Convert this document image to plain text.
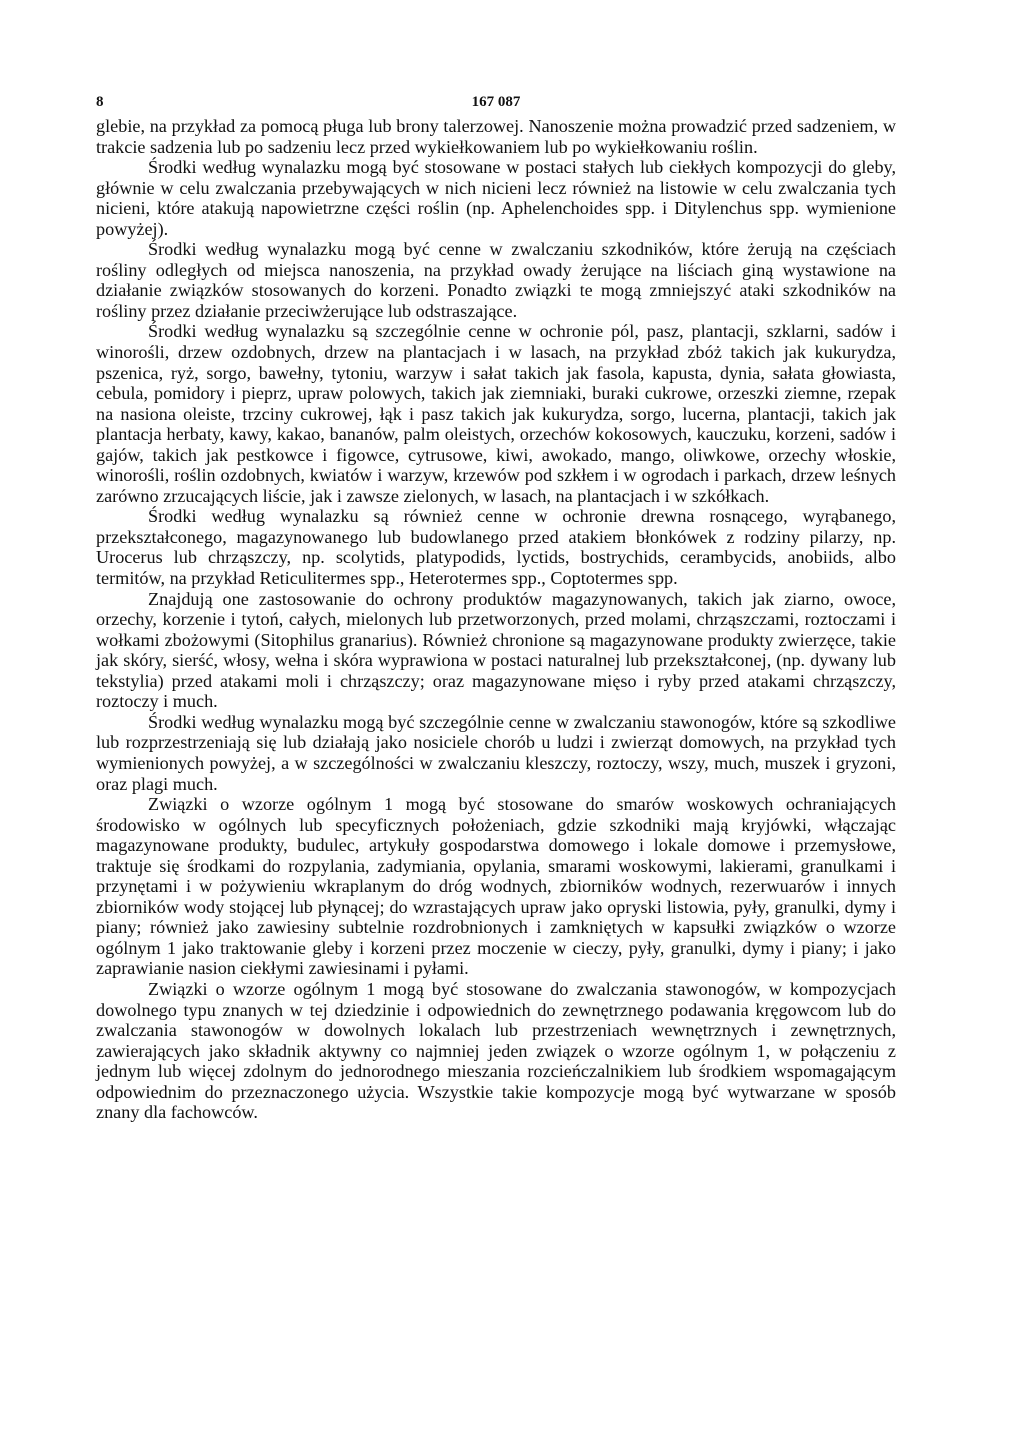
8	167 087

glebie, na przykład za pomocą pługa lub brony talerzowej. Nanoszenie można prowadzić przed sadzeniem, w trakcie sadzenia lub po sadzeniu lecz przed wykiełkowaniem lub po wykiełkowaniu roślin.

Środki według wynalazku mogą być stosowane w postaci stałych lub ciekłych kompozycji do gleby, głównie w celu zwalczania przebywających w nich nicieni lecz również na listowie w celu zwalczania tych nicieni, które atakują napowietrzne części roślin (np. Aphelenchoides spp. i Ditylenchus spp. wymienione powyżej).

Środki według wynalazku mogą być cenne w zwalczaniu szkodników, które żerują na częściach rośliny odległych od miejsca nanoszenia, na przykład owady żerujące na liściach giną wystawione na działanie związków stosowanych do korzeni. Ponadto związki te mogą zmniejszyć ataki szkodników na rośliny przez działanie przeciwżerujące lub odstraszające.

Środki według wynalazku są szczególnie cenne w ochronie pól, pasz, plantacji, szklarni, sadów i winorośli, drzew ozdobnych, drzew na plantacjach i w lasach, na przykład zbóż takich jak kukurydza, pszenica, ryż, sorgo, bawełny, tytoniu, warzyw i sałat takich jak fasola, kapusta, dynia, sałata głowiasta, cebula, pomidory i pieprz, upraw polowych, takich jak ziemniaki, buraki cukrowe, orzeszki ziemne, rzepak na nasiona oleiste, trzciny cukrowej, łąk i pasz takich jak kukurydza, sorgo, lucerna, plantacji, takich jak plantacja herbaty, kawy, kakao, bananów, palm oleistych, orzechów kokosowych, kauczuku, korzeni, sadów i gajów, takich jak pestkowce i figowce, cytrusowe, kiwi, awokado, mango, oliwkowe, orzechy włoskie, winorośli, roślin ozdobnych, kwiatów i warzyw, krzewów pod szkłem i w ogrodach i parkach, drzew leśnych zarówno zrzucających liście, jak i zawsze zielonych, w lasach, na plantacjach i w szkółkach.

Środki według wynalazku są również cenne w ochronie drewna rosnącego, wyrąbanego, przekształconego, magazynowanego lub budowlanego przed atakiem błonkówek z rodziny pilarzy, np. Urocerus lub chrząszczy, np. scolytids, platypodids, lyctids, bostrychids, cerambycids, anobiids, albo termitów, na przykład Reticulitermes spp., Heterotermes spp., Coptotermes spp.

Znajdują one zastosowanie do ochrony produktów magazynowanych, takich jak ziarno, owoce, orzechy, korzenie i tytoń, całych, mielonych lub przetworzonych, przed molami, chrząszczami, roztoczami i wołkami zbożowymi (Sitophilus granarius). Również chronione są magazynowane produkty zwierzęce, takie jak skóry, sierść, włosy, wełna i skóra wyprawiona w postaci naturalnej lub przekształconej, (np. dywany lub tekstylia) przed atakami moli i chrząszczy; oraz magazynowane mięso i ryby przed atakami chrząszczy, roztoczy i much.

Środki według wynalazku mogą być szczególnie cenne w zwalczaniu stawonogów, które są szkodliwe lub rozprzestrzeniają się lub działają jako nosiciele chorób u ludzi i zwierząt domowych, na przykład tych wymienionych powyżej, a w szczególności w zwalczaniu kleszczy, roztoczy, wszy, much, muszek i gryzoni, oraz plagi much.

Związki o wzorze ogólnym 1 mogą być stosowane do smarów woskowych ochraniających środowisko w ogólnych lub specyficznych położeniach, gdzie szkodniki mają kryjówki, włączając magazynowane produkty, budulec, artykuły gospodarstwa domowego i lokale domowe i przemysłowe, traktuje się środkami do rozpylania, zadymiania, opylania, smarami woskowymi, lakierami, granulkami i przynętami i w pożywieniu wkraplanym do dróg wodnych, zbiorników wodnych, rezerwuarów i innych zbiorników wody stojącej lub płynącej; do wzrastających upraw jako opryski listowia, pyły, granulki, dymy i piany; również jako zawiesiny subtelnie rozdrobnionych i zamkniętych w kapsułki związków o wzorze ogólnym 1 jako traktowanie gleby i korzeni przez moczenie w cieczy, pyły, granulki, dymy i piany; i jako zaprawianie nasion ciekłymi zawiesinami i pyłami.

Związki o wzorze ogólnym 1 mogą być stosowane do zwalczania stawonogów, w kompozycjach dowolnego typu znanych w tej dziedzinie i odpowiednich do zewnętrznego podawania kręgowcom lub do zwalczania stawonogów w dowolnych lokalach lub przestrzeniach wewnętrznych i zewnętrznych, zawierających jako składnik aktywny co najmniej jeden związek o wzorze ogólnym 1, w połączeniu z jednym lub więcej zdolnym do jednorodnego mieszania rozcieńczalnikiem lub środkiem wspomagającym odpowiednim do przeznaczonego użycia. Wszystkie takie kompozycje mogą być wytwarzane w sposób znany dla fachowców.
